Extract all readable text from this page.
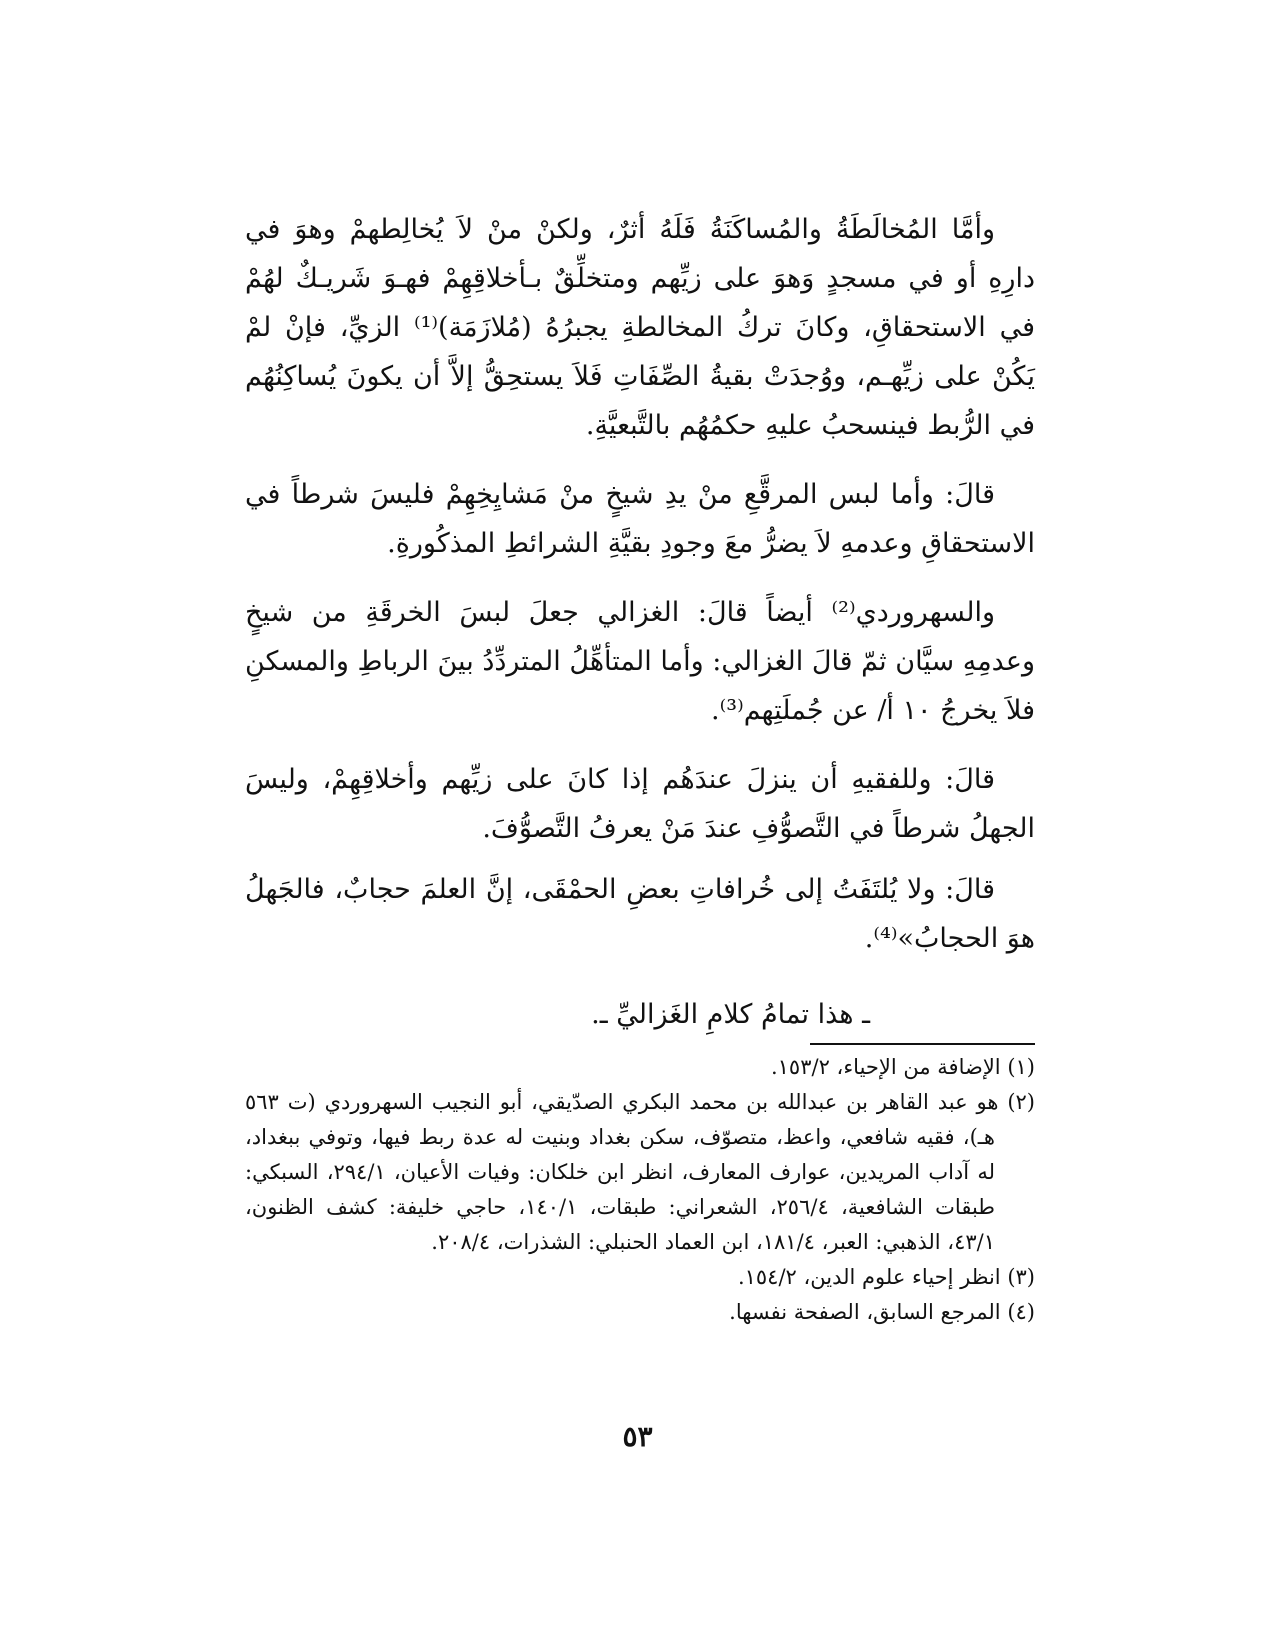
وأمَّا المُخالَطَةُ والمُساكَنَةُ فَلَهُ أثرٌ، ولكنْ منْ لاَ يُخالِطهمْ وهوَ في دارِهِ أو في مسجدٍ وَهوَ على زيِّهم ومتخلِّقٌ بـأخلاقِهِمْ فهـوَ شَريـكٌ لهُمْ في الاستحقاقِ، وكانَ تركُ المخالطةِ يجبرُهُ (مُلازَمَة)⁽¹⁾ الزيِّ، فإنْ لمْ يَكُنْ على زيِّهـم، ووُجدَتْ بقيةُ الصِّفَاتِ فَلاَ يستحِقُّ إلاَّ أن يكونَ يُساكِنُهُم في الرُّبط فينسحبُ عليهِ حكمُهُم بالتَّبعيَّةِ.

قالَ: وأما لبس المرقَّعِ منْ يدِ شيخٍ منْ مَشايِخِهِمْ فليسَ شرطاً في الاستحقاقِ وعدمهِ لاَ يضرُّ معَ وجودِ بقيَّةِ الشرائطِ المذكُورةِ.

والسهروردي⁽²⁾ أيضاً قالَ: الغزالي جعلَ لبسَ الخرقَةِ من شيخٍ وعدمِهِ سيَّان ثمّ قالَ الغزالي: وأما المتأهِّلُ المتردِّدُ بينَ الرباطِ والمسكنِ فلاَ يخرجُ ١٠ أ/ عن جُملَتِهم⁽³⁾.

قالَ: وللفقيهِ أن ينزلَ عندَهُم إذا كانَ على زيِّهم وأخلاقِهِمْ، وليسَ الجهلُ شرطاً في التَّصوُّفِ عندَ مَنْ يعرفُ التَّصوُّفَ.

قالَ: ولا يُلتَفَتُ إلى خُرافاتِ بعضِ الحمْقَى، إنَّ العلمَ حجابٌ، فالجَهلُ هوَ الحجابُ»⁽⁴⁾.

ـ هذا تمامُ كلامِ الغَزاليِّ ـ.

(١) الإضافة من الإحياء، ١٥٣/٢.

(٢) هو عبد القاهر بن عبدالله بن محمد البكري الصدّيقي، أبو النجيب السهروردي (ت ٥٦٣ هـ)، فقيه شافعي، واعظ، متصوّف، سكن بغداد وبنيت له عدة ربط فيها، وتوفي ببغداد، له آداب المريدين، عوارف المعارف، انظر ابن خلكان: وفيات الأعيان، ٢٩٤/١، السبكي: طبقات الشافعية، ٢٥٦/٤، الشعراني: طبقات، ١٤٠/١، حاجي خليفة: كشف الظنون، ٤٣/١، الذهبي: العبر، ١٨١/٤، ابن العماد الحنبلي: الشذرات، ٢٠٨/٤.

(٣) انظر إحياء علوم الدين، ١٥٤/٢.

(٤) المرجع السابق، الصفحة نفسها.

٥٣
